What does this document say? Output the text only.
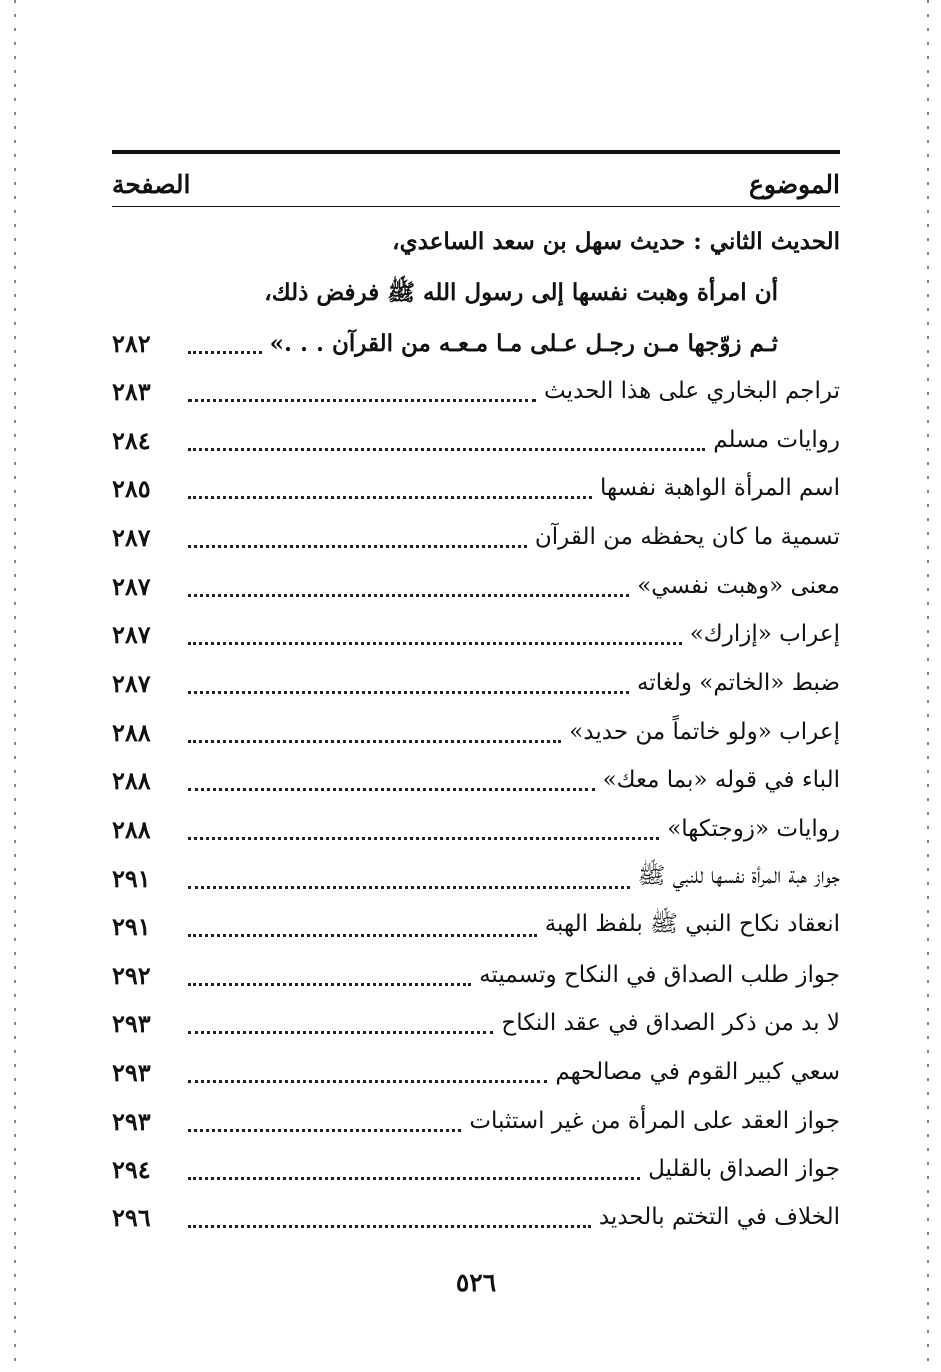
الموضوع
الصفحة
الحديث الثاني : حديث سهل بن سعد الساعدي،
أن امرأة وهبت نفسها إلى رسول الله ﷺ فرفض ذلك،
ثـم زوّجها مـن رجـل عـلى مـا مـعـه من القرآن . . .»
٢٨٢
تراجم البخاري على هذا الحديث
٢٨٣
روايات مسلم
٢٨٤
اسم المرأة الواهبة نفسها
٢٨٥
تسمية ما كان يحفظه من القرآن
٢٨٧
معنى «وهبت نفسي»
٢٨٧
إعراب «إزارك»
٢٨٧
ضبط «الخاتم» ولغاته
٢٨٧
إعراب «ولو خاتماً من حديد»
٢٨٨
الباء في قوله «بما معك»
٢٨٨
روايات «زوجتكها»
٢٨٨
جواز هبة المرأة نفسها للنبي ﷺ
٢٩١
انعقاد نكاح النبي ﷺ بلفظ الهبة
٢٩١
جواز طلب الصداق في النكاح وتسميته
٢٩٢
لا بد من ذكر الصداق في عقد النكاح
٢٩٣
سعي كبير القوم في مصالحهم
٢٩٣
جواز العقد على المرأة من غير استثبات
٢٩٣
جواز الصداق بالقليل
٢٩٤
الخلاف في التختم بالحديد
٢٩٦
٥٢٦
